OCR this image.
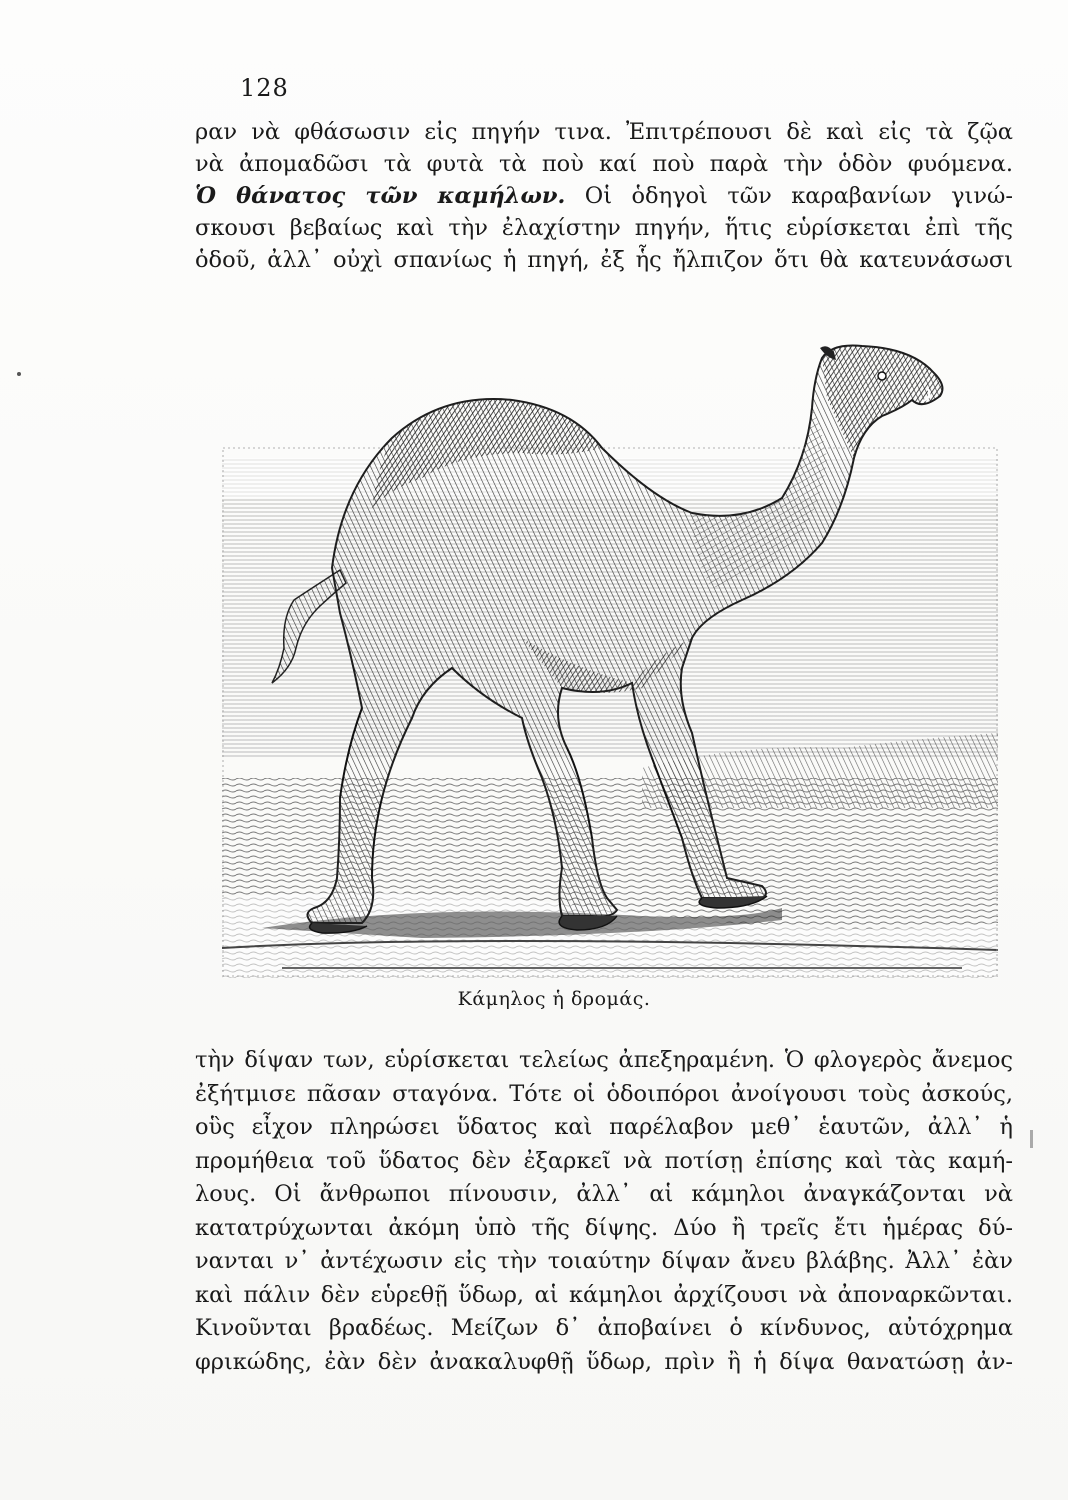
128
ραν νὰ φθάσωσιν εἰς πηγήν τινα. Ἐπιτρέπουσι δὲ καὶ εἰς τὰ ζῷα
νὰ ἀπομαδῶσι τὰ φυτὰ τὰ ποὺ καί ποὺ παρὰ τὴν ὁδὸν φυόμενα.
Ὁ θάνατος τῶν καμήλων. Οἱ ὁδηγοὶ τῶν καραβανίων γινώ-
σκουσι βεβαίως καὶ τὴν ἐλαχίστην πηγήν, ἥτις εὑρίσκεται ἐπὶ τῆς
ὁδοῦ, ἀλλ᾽ οὐχὶ σπανίως ἡ πηγή, ἐξ ἧς ἤλπιζον ὅτι θὰ κατευνάσωσι
Κάμηλος ἡ δρομάς.
τὴν δίψαν των, εὑρίσκεται τελείως ἀπεξηραμένη. Ὁ φλογερὸς ἄνεμος
ἐξήτμισε πᾶσαν σταγόνα. Τότε οἱ ὁδοιπόροι ἀνοίγουσι τοὺς ἀσκούς,
οὓς εἶχον πληρώσει ὕδατος καὶ παρέλαβον μεθ᾽ ἑαυτῶν, ἀλλ᾽ ἡ
προμήθεια τοῦ ὕδατος δὲν ἐξαρκεῖ νὰ ποτίσῃ ἐπίσης καὶ τὰς καμή-
λους. Οἱ ἄνθρωποι πίνουσιν, ἀλλ᾽ αἱ κάμηλοι ἀναγκάζονται νὰ
κατατρύχωνται ἀκόμη ὑπὸ τῆς δίψης. Δύο ἢ τρεῖς ἔτι ἡμέρας δύ-
νανται ν᾽ ἀντέχωσιν εἰς τὴν τοιαύτην δίψαν ἄνευ βλάβης. Ἀλλ᾽ ἐὰν
καὶ πάλιν δὲν εὑρεθῇ ὕδωρ, αἱ κάμηλοι ἀρχίζουσι νὰ ἀποναρκῶνται.
Κινοῦνται βραδέως. Μείζων δ᾽ ἀποβαίνει ὁ κίνδυνος, αὐτόχρημα
φρικώδης, ἐὰν δὲν ἀνακαλυφθῇ ὕδωρ, πρὶν ἢ ἡ δίψα θανατώσῃ ἀν-
